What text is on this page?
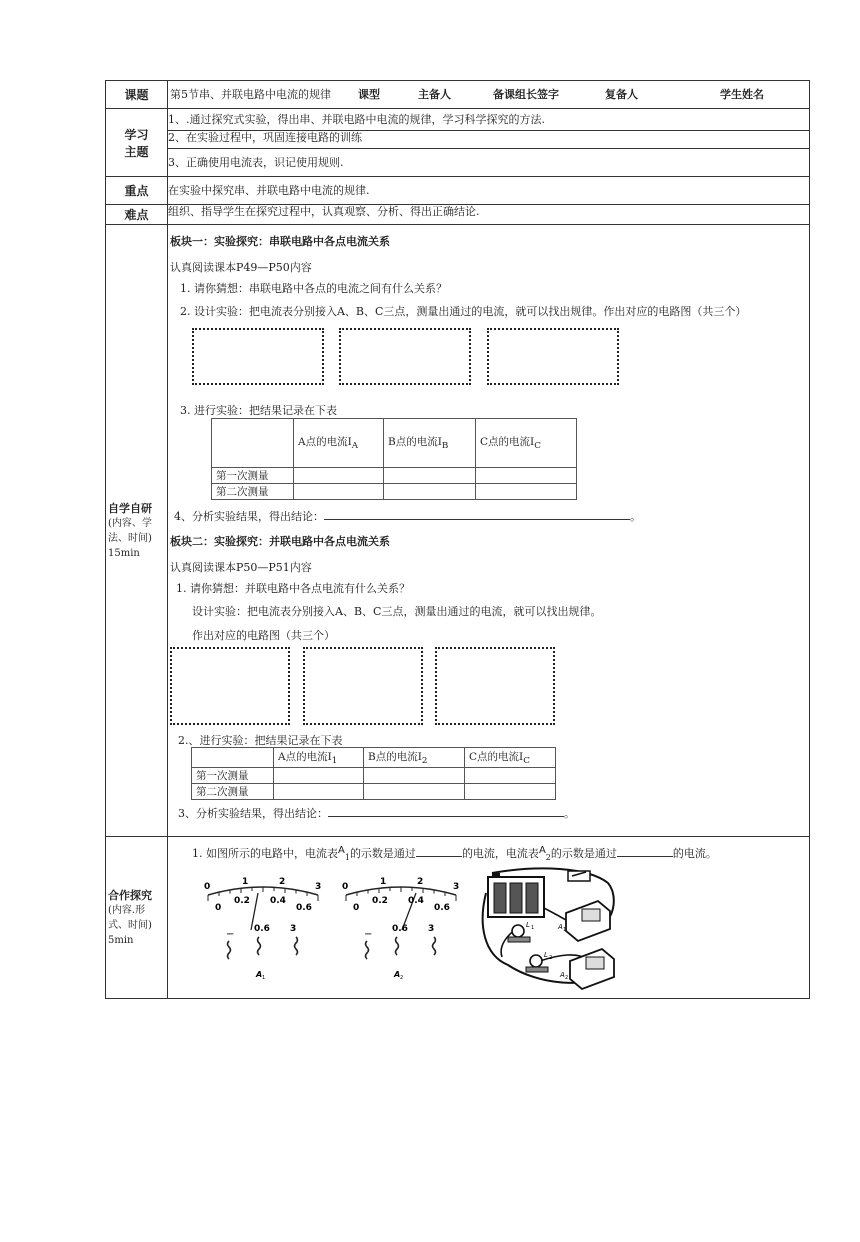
课题	第5节串、并联电路中电流的规律 课型	主备人	备课组长签字	复备人	学生姓名

学习
主题
	1、.通过探究式实验，得出串、并联电路中电流的规律，学习科学探究的方法.
2、在实验过程中，巩固连接电路的训练
3、正确使用电流表，识记使用规则.
重点	在实验中探究串、并联电路中电流的规律.
难点	组织、指导学生在探究过程中，认真观察、分析、得出正确结论.

自学自研
(内容、学
法、时间)
15min

板块一：实验探究：串联电路中各点电流关系
认真阅读课本P49—P50内容
1. 请你猜想：串联电路中各点的电流之间有什么关系？
2. 设计实验：把电流表分别接入A、B、C三点，测量出通过的电流，就可以找出规律。作出对应的电路图（共三个）
3. 进行实验：把结果记录在下表
	A点的电流$I_A$	B点的电流$I_B$	C点的电流$I_C$
第一次测量			
第二次测量			
4、分析实验结果，得出结论：	。
板块二：实验探究：并联电路中各点电流关系
认真阅读课本P50—P51内容
1. 请你猜想：并联电路中各点电流有什么关系？
设计实验：把电流表分别接入A、B、C三点，测量出通过的电流，就可以找出规律。
作出对应的电路图（共三个）
2.、进行实验：把结果记录在下表
	A点的电流$I_1$	B点的电流$I_2$	C点的电流$I_C$
第一次测量			
第二次测量			
3、分析实验结果，得出结论：	。

合作探究
(内容.形
式、时间)
5min

1. 如图所示的电路中，电流表$A_1$的示数是通过	的电流，电流表$A_2$的示数是通过	的电流。
0	1	2	3
0
0.2 0.4
0.6
− 0.6 3
A 1
0	1	2	3
0
0.2 0.4
0.6
− 0.6 3
A 2
A 1
L 1
L 2
A 2
